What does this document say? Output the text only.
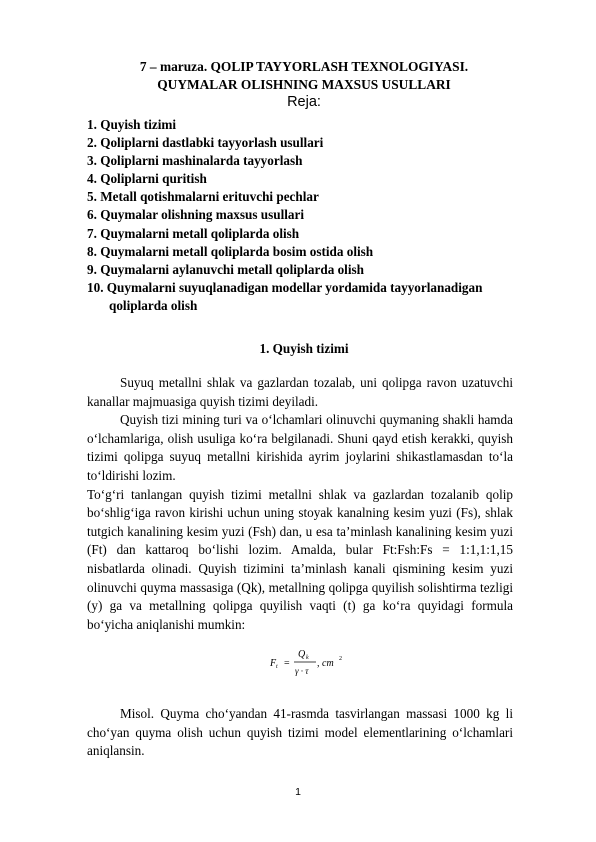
7 – maruza. QOLIP TAYYORLASH TEXNOLOGIYASI.
QUYMALAR OLISHNING MAXSUS USULLARI
Reja:
1. Quyish tizimi
2. Qoliplarni dastlabki tayyorlash usullari
3. Qoliplarni mashinalarda tayyorlash
4. Qoliplarni quritish
5. Metall qotishmalarni erituvchi pechlar
6. Quymalar olishning maxsus usullari
7. Quymalarni metall qoliplarda olish
8. Quymalarni metall qoliplarda bosim ostida olish
9. Quymalarni aylanuvchi metall qoliplarda olish
10. Quymalarni suyuqlanadigan modellar yordamida tayyorlanadigan
qoliplarda olish
1. Quyish tizimi

Suyuq metallni shlak va gazlardan tozalab, uni qolipga ravon uzatuvchi kanallar majmuasiga quyish tizimi deyiladi.

Quyish tizi mining turi va o‘lchamlari olinuvchi quymaning shakli hamda o‘lchamlariga, olish usuliga ko‘ra belgilanadi. Shuni qayd etish kerakki, quyish tizimi qolipga suyuq metallni kirishida ayrim joylarini shikastlamasdan to‘la to‘ldirishi lozim.

To‘g‘ri tanlangan quyish tizimi metallni shlak va gazlardan tozalanib qolip bo‘shlig‘iga ravon kirishi uchun uning stoyak kanalning kesim yuzi (Fs), shlak tutgich kanalining kesim yuzi (Fsh) dan, u esa ta’minlash kanalining kesim yuzi (Ft) dan kattaroq bo‘lishi lozim. Amalda, bular Ft:Fsh:Fs = 1:1,1:1,15 nisbatlarda olinadi. Quyish tizimini ta’minlash kanali qismining kesim yuzi olinuvchi quyma massasiga (Qk), metallning qolipga quyilish solishtirma tezligi (y) ga va metallning qolipga quyilish vaqti (t) ga ko‘ra quyidagi formula bo‘yicha aniqlanishi mumkin:

F t =
Q k
γ · τ
, cm 2

Misol. Quyma cho‘yandan 41-rasmda tasvirlangan massasi 1000 kg li cho‘yan quyma olish uchun quyish tizimi model elementlarining o‘lchamlari aniqlansin.

1
